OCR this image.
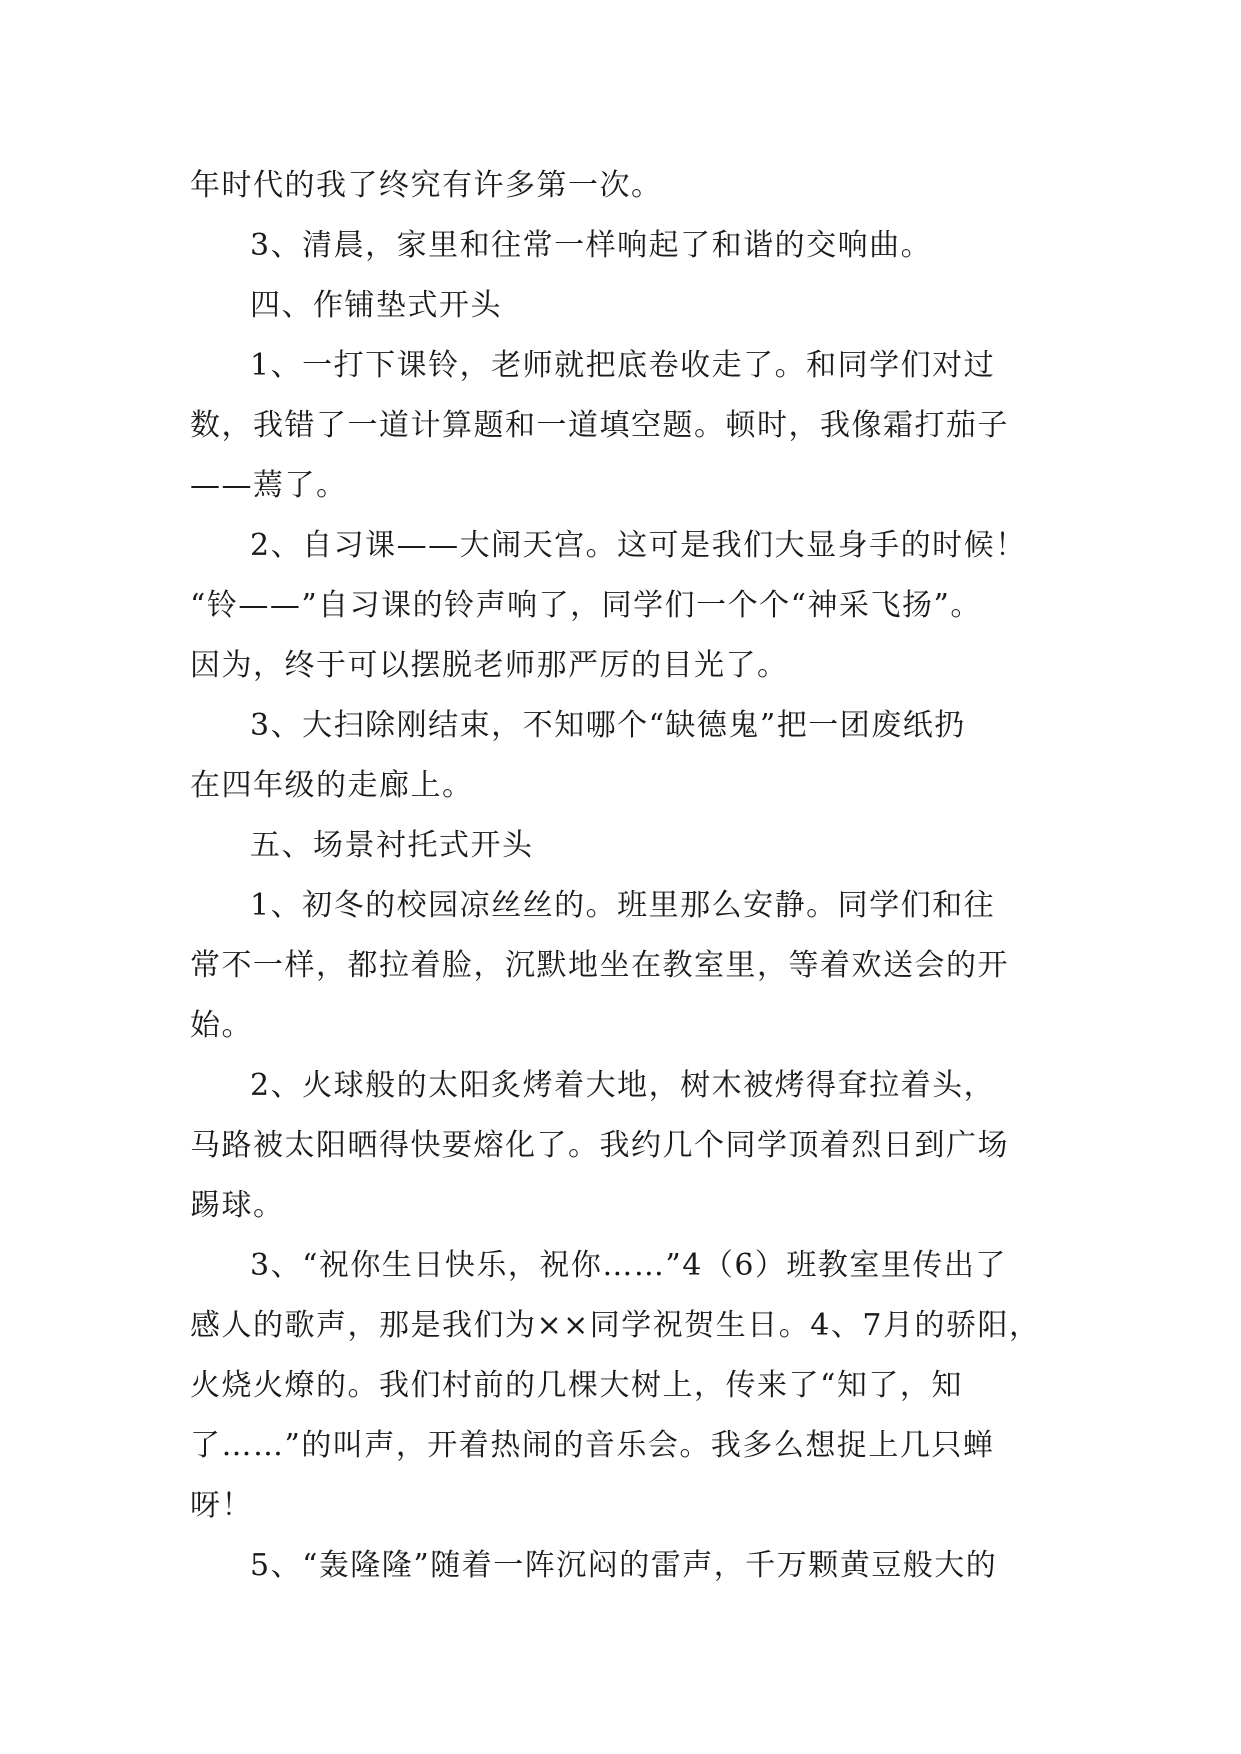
年时代的我了终究有许多第一次。
3、清晨，家里和往常一样响起了和谐的交响曲。
四、作铺垫式开头
1、一打下课铃，老师就把底卷收走了。和同学们对过
数，我错了一道计算题和一道填空题。顿时，我像霜打茄子
——蔫了。
2、自习课——大闹天宫。这可是我们大显身手的时候！
“铃——”自习课的铃声响了，同学们一个个“神采飞扬”。
因为，终于可以摆脱老师那严厉的目光了。
3、大扫除刚结束，不知哪个“缺德鬼”把一团废纸扔
在四年级的走廊上。
五、场景衬托式开头
1、初冬的校园凉丝丝的。班里那么安静。同学们和往
常不一样，都拉着脸，沉默地坐在教室里，等着欢送会的开
始。
2、火球般的太阳炙烤着大地，树木被烤得耷拉着头，
马路被太阳晒得快要熔化了。我约几个同学顶着烈日到广场
踢球。
3、“祝你生日快乐，祝你……”4（6）班教室里传出了
感人的歌声，那是我们为××同学祝贺生日。4、7月的骄阳，
火烧火燎的。我们村前的几棵大树上，传来了“知了，知
了……”的叫声，开着热闹的音乐会。我多么想捉上几只蝉
呀！
5、“轰隆隆”随着一阵沉闷的雷声，千万颗黄豆般大的
